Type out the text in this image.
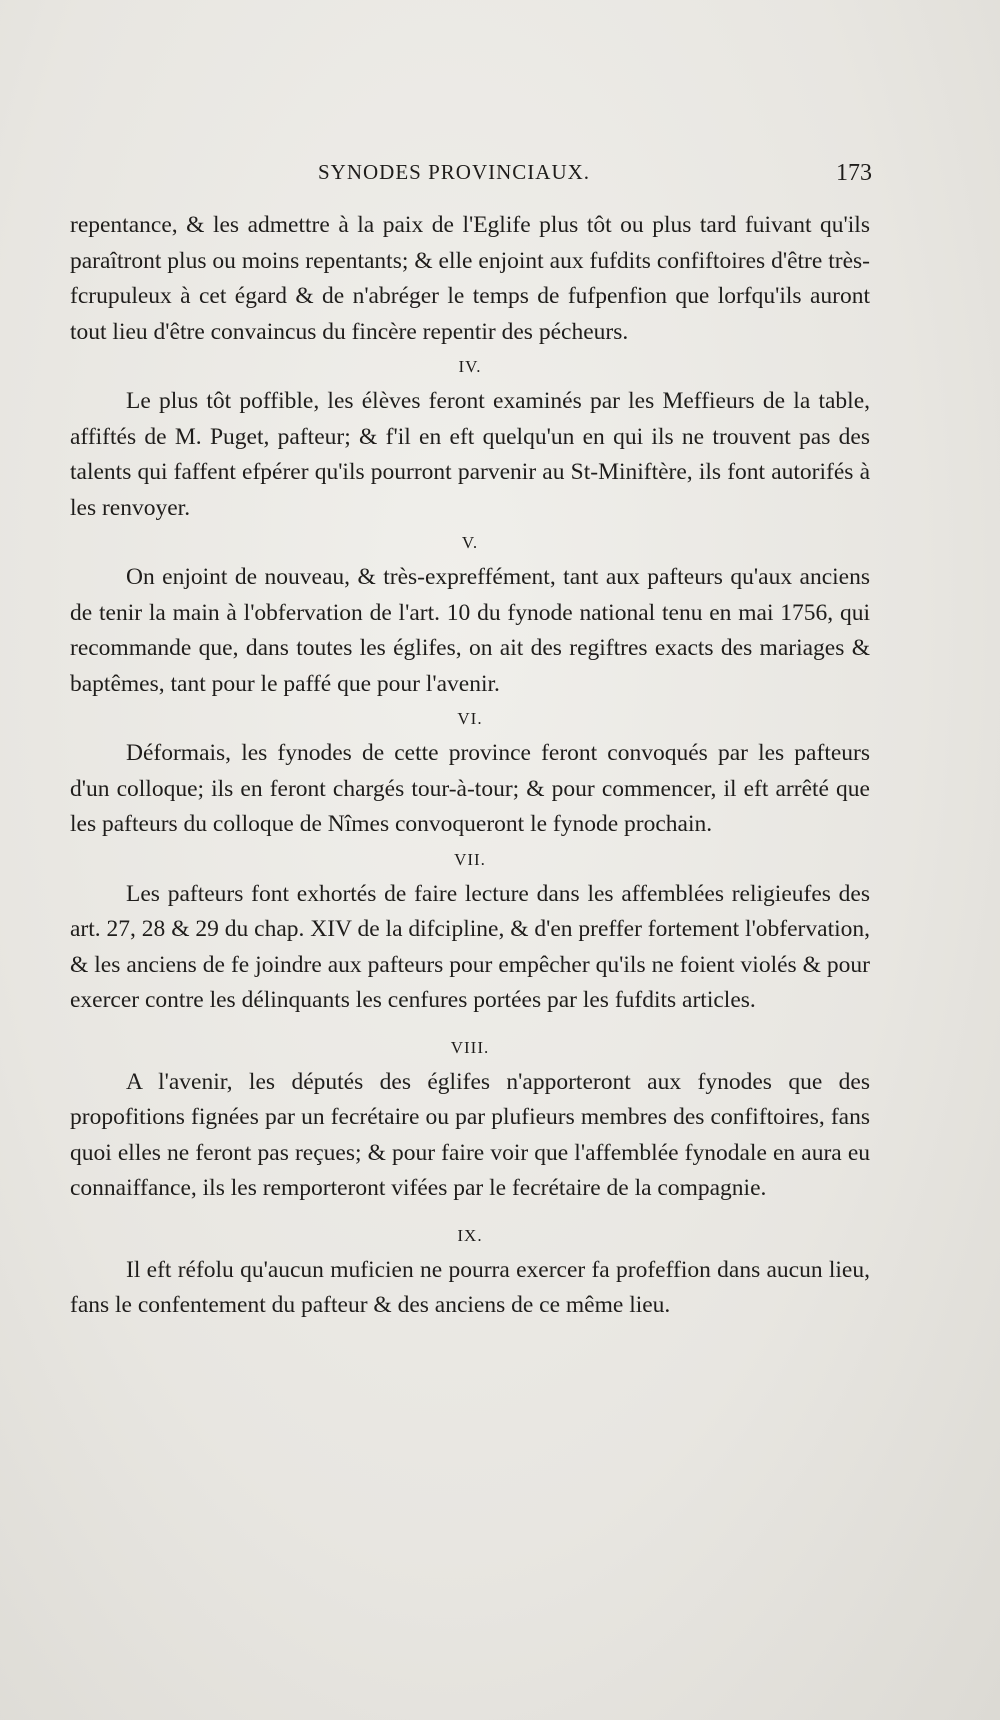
SYNODES PROVINCIAUX.	173

repentance, & les admettre à la paix de l'Eglife plus tôt ou plus tard fuivant qu'ils paraîtront plus ou moins repentants; & elle enjoint aux fufdits confiftoires d'être très-fcrupuleux à cet égard & de n'abréger le temps de fufpenfion que lorfqu'ils auront tout lieu d'être convaincus du fincère repentir des pécheurs.

IV.

Le plus tôt poffible, les élèves feront examinés par les Meffieurs de la table, affiftés de M. Puget, pafteur; & f'il en eft quelqu'un en qui ils ne trouvent pas des talents qui faffent efpérer qu'ils pourront parvenir au St-Miniftère, ils font autorifés à les renvoyer.

V.

On enjoint de nouveau, & très-expreffément, tant aux pafteurs qu'aux anciens de tenir la main à l'obfervation de l'art. 10 du fynode national tenu en mai 1756, qui recommande que, dans toutes les églifes, on ait des regiftres exacts des mariages & baptêmes, tant pour le paffé que pour l'avenir.

VI.

Déformais, les fynodes de cette province feront convoqués par les pafteurs d'un colloque; ils en feront chargés tour-à-tour; & pour commencer, il eft arrêté que les pafteurs du colloque de Nîmes convoqueront le fynode prochain.

VII.

Les pafteurs font exhortés de faire lecture dans les affemblées religieufes des art. 27, 28 & 29 du chap. XIV de la difcipline, & d'en preffer fortement l'obfervation, & les anciens de fe joindre aux pafteurs pour empêcher qu'ils ne foient violés & pour exercer contre les délinquants les cenfures portées par les fufdits articles.

VIII.

A l'avenir, les députés des églifes n'apporteront aux fynodes que des propofitions fignées par un fecrétaire ou par plufieurs membres des confiftoires, fans quoi elles ne feront pas reçues; & pour faire voir que l'affemblée fynodale en aura eu connaiffance, ils les remporteront vifées par le fecrétaire de la compagnie.

IX.

Il eft réfolu qu'aucun muficien ne pourra exercer fa profeffion dans aucun lieu, fans le confentement du pafteur & des anciens de ce même lieu.
